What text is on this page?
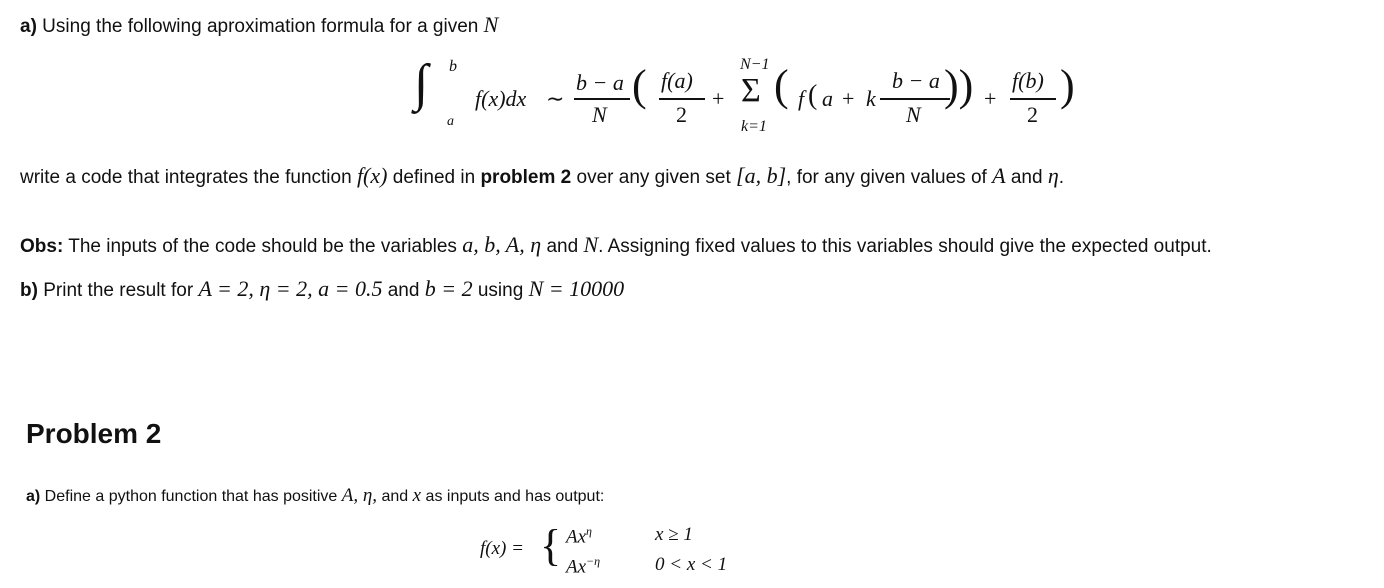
a) Using the following aproximation formula for a given N
∫ b
a
f(x)dx ∼
b − a
N
( f(a)
2
+
N−1
Σ
k=1
( f ( a + k
b − a
N
)) +
f(b)
2
)
write a code that integrates the function f(x) defined in problem 2 over any given set [a, b], for any given values of A and η.
Obs: The inputs of the code should be the variables a, b, A, η and N. Assigning fixed values to this variables should give the expected output.
b) Print the result for A = 2, η = 2, a = 0.5 and b = 2 using N = 10000
Problem 2
a) Define a python function that has positive A, η, and x as inputs and has output:
f(x) = { $Ax^\eta$	x ≥ 1
$Ax^{-\eta}$	0 < x < 1
